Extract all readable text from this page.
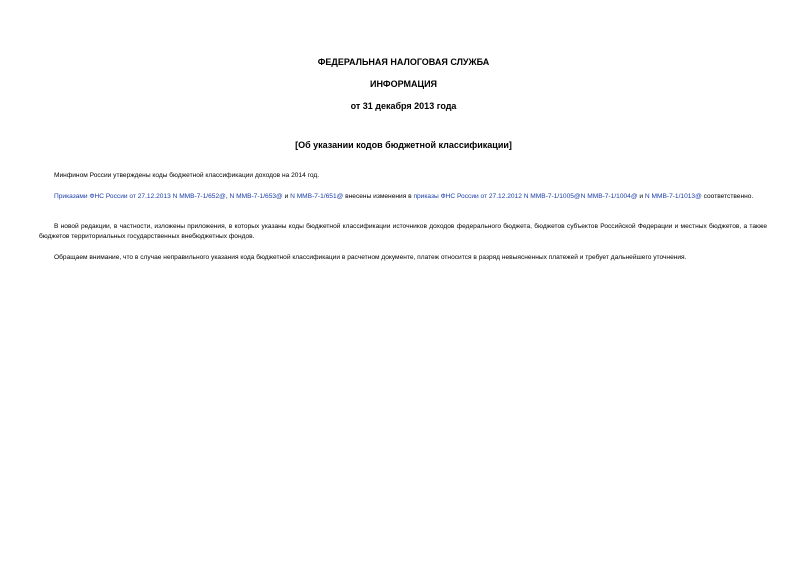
ФЕДЕРАЛЬНАЯ НАЛОГОВАЯ СЛУЖБА
ИНФОРМАЦИЯ
от 31 декабря 2013 года
[Об указании кодов бюджетной классификации]

Минфином России утверждены коды бюджетной классификации доходов на 2014 год.

Приказами ФНС России от 27.12.2013 N ММВ-7-1/652@, N ММВ-7-1/653@ и N ММВ-7-1/651@ внесены изменения в приказы ФНС России от 27.12.2012 N ММВ-7-1/1005@N ММВ-7-1/1004@ и N ММВ-7-1/1013@ соответственно.

В новой редакции, в частности, изложены приложения, в которых указаны коды бюджетной классификации источников доходов федерального бюджета, бюджетов субъектов Российской Федерации и местных бюджетов, а также бюджетов территориальных государственных внебюджетных фондов.

Обращаем внимание, что в случае неправильного указания кода бюджетной классификации в расчетном документе, платеж относится в разряд невыясненных платежей и требует дальнейшего уточнения.
